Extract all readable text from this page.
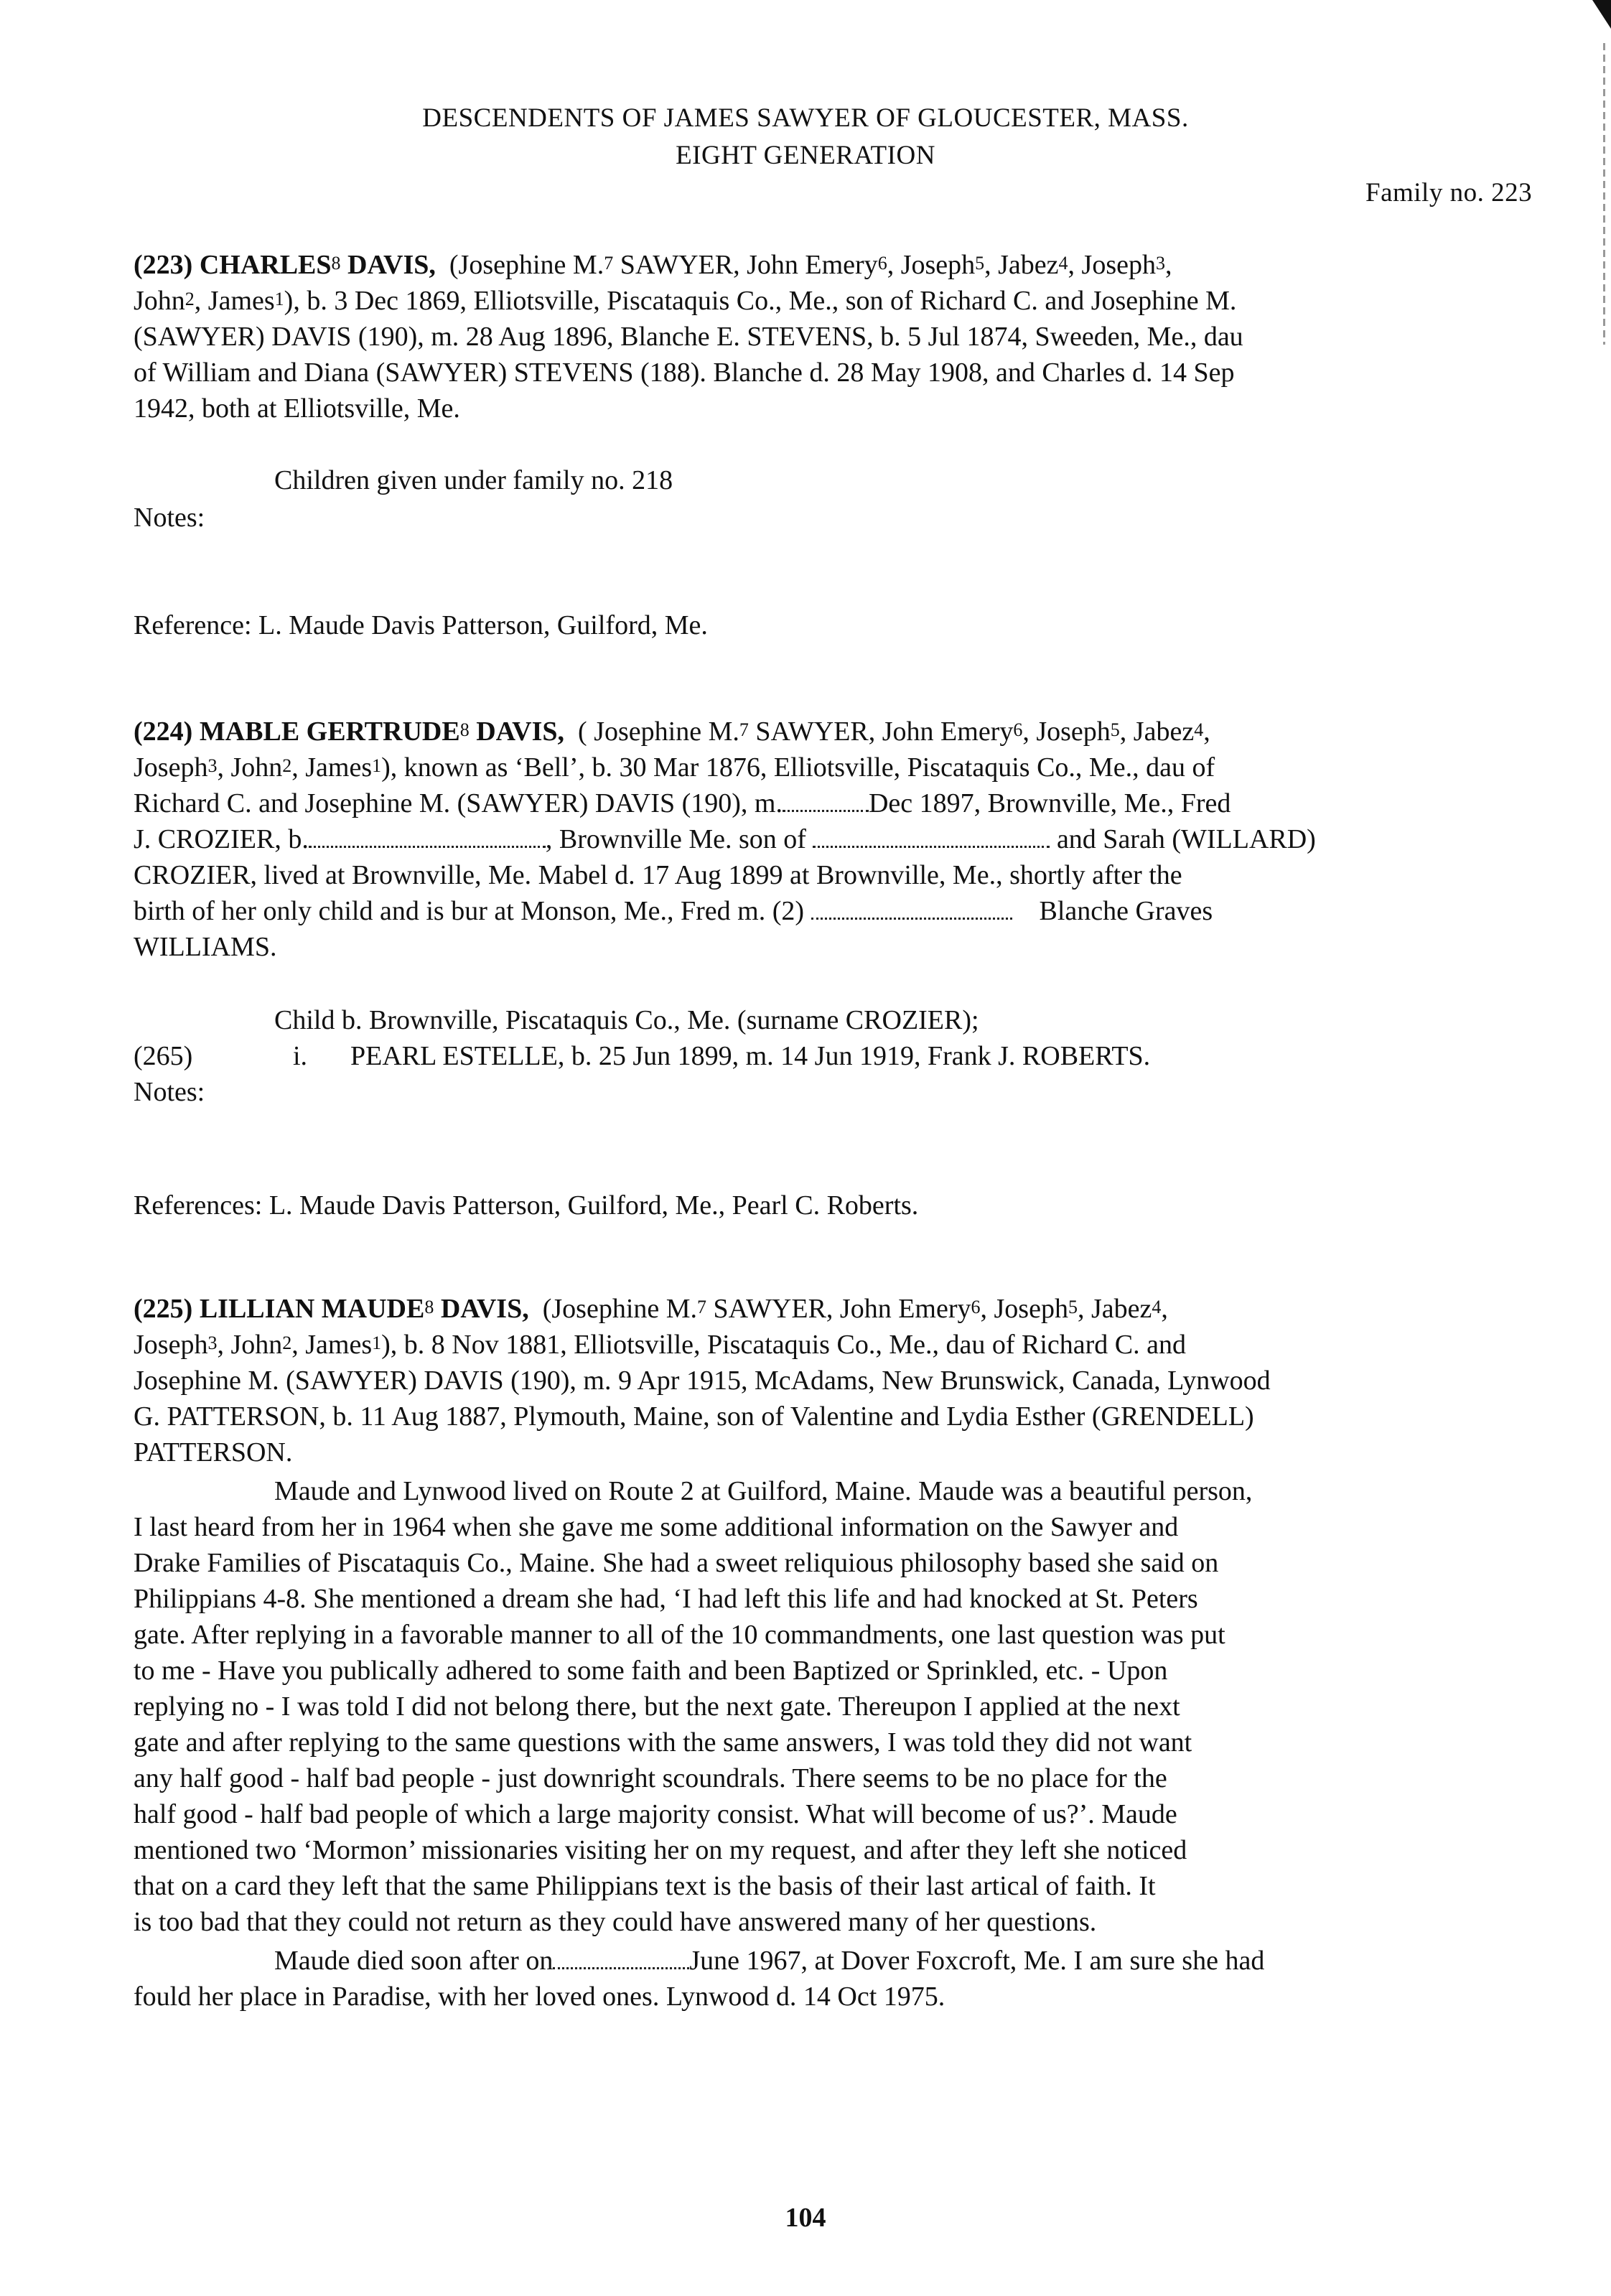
DESCENDENTS OF JAMES SAWYER OF GLOUCESTER, MASS.
EIGHT GENERATION
Family no. 223
(223) CHARLES$^8$ DAVIS, (Josephine M.$^7$ SAWYER, John Emery$^6$, Joseph$^5$, Jabez$^4$, Joseph$^3$,
John$^2$, James$^1$), b. 3 Dec 1869, Elliotsville, Piscataquis Co., Me., son of Richard C. and Josephine M.
(SAWYER) DAVIS (190), m. 28 Aug 1896, Blanche E. STEVENS, b. 5 Jul 1874, Sweeden, Me., dau
of William and Diana (SAWYER) STEVENS (188). Blanche d. 28 May 1908, and Charles d. 14 Sep
1942, both at Elliotsville, Me.
Children given under family no. 218
Notes:
Reference: L. Maude Davis Patterson, Guilford, Me.
(224) MABLE GERTRUDE$^8$ DAVIS, ( Josephine M.$^7$ SAWYER, John Emery$^6$, Joseph$^5$, Jabez$^4$,
Joseph$^3$, John$^2$, James$^1$), known as ‘Bell’, b. 30 Mar 1876, Elliotsville, Piscataquis Co., Me., dau of
Richard C. and Josephine M. (SAWYER) DAVIS (190), m.	Dec 1897, Brownville, Me., Fred
J. CROZIER, b.	, Brownville Me. son of	and Sarah (WILLARD)
CROZIER, lived at Brownville, Me. Mabel d. 17 Aug 1899 at Brownville, Me., shortly after the
birth of her only child and is bur at Monson, Me., Fred m. (2)	Blanche Graves
WILLIAMS.
Child b. Brownville, Piscataquis Co., Me. (surname CROZIER);
(265)	i. PEARL ESTELLE, b. 25 Jun 1899, m. 14 Jun 1919, Frank J. ROBERTS.
Notes:
References: L. Maude Davis Patterson, Guilford, Me., Pearl C. Roberts.
(225) LILLIAN MAUDE$^8$ DAVIS, (Josephine M.$^7$ SAWYER, John Emery$^6$, Joseph$^5$, Jabez$^4$,
Joseph$^3$, John$^2$, James$^1$), b. 8 Nov 1881, Elliotsville, Piscataquis Co., Me., dau of Richard C. and
Josephine M. (SAWYER) DAVIS (190), m. 9 Apr 1915, McAdams, New Brunswick, Canada, Lynwood
G. PATTERSON, b. 11 Aug 1887, Plymouth, Maine, son of Valentine and Lydia Esther (GRENDELL)
PATTERSON.
Maude and Lynwood lived on Route 2 at Guilford, Maine. Maude was a beautiful person,
I last heard from her in 1964 when she gave me some additional information on the Sawyer and
Drake Families of Piscataquis Co., Maine. She had a sweet reliquious philosophy based she said on
Philippians 4-8. She mentioned a dream she had, ‘I had left this life and had knocked at St. Peters
gate. After replying in a favorable manner to all of the 10 commandments, one last question was put
to me - Have you publically adhered to some faith and been Baptized or Sprinkled, etc. - Upon
replying no - I was told I did not belong there, but the next gate. Thereupon I applied at the next
gate and after replying to the same questions with the same answers, I was told they did not want
any half good - half bad people - just downright scoundrals. There seems to be no place for the
half good - half bad people of which a large majority consist. What will become of us?’. Maude
mentioned two ‘Mormon’ missionaries visiting her on my request, and after they left she noticed
that on a card they left that the same Philippians text is the basis of their last artical of faith. It
is too bad that they could not return as they could have answered many of her questions.
Maude died soon after on	June 1967, at Dover Foxcroft, Me. I am sure she had
fould her place in Paradise, with her loved ones. Lynwood d. 14 Oct 1975.
104
